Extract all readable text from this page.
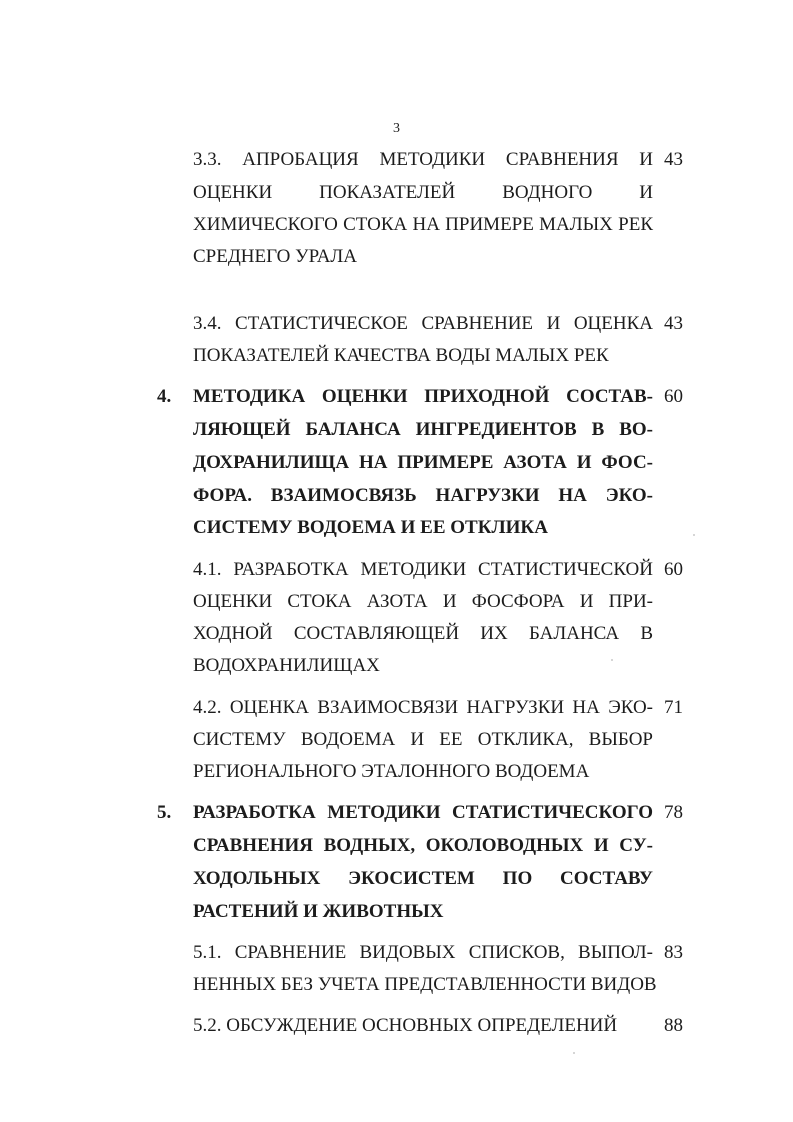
3
3.3. АПРОБАЦИЯ МЕТОДИКИ СРАВНЕНИЯ И
ОЦЕНКИ ПОКАЗАТЕЛЕЙ ВОДНОГО И
ХИМИЧЕСКОГО СТОКА НА ПРИМЕРЕ МАЛЫХ РЕК
СРЕДНЕГО УРАЛА
43
3.4. СТАТИСТИЧЕСКОЕ СРАВНЕНИЕ И ОЦЕНКА
ПОКАЗАТЕЛЕЙ КАЧЕСТВА ВОДЫ МАЛЫХ РЕК
43
4. МЕТОДИКА ОЦЕНКИ ПРИХОДНОЙ СОСТАВ-
ЛЯЮЩЕЙ БАЛАНСА ИНГРЕДИЕНТОВ В ВО-
ДОХРАНИЛИЩА НА ПРИМЕРЕ АЗОТА И ФОС-
ФОРА. ВЗАИМОСВЯЗЬ НАГРУЗКИ НА ЭКО-
СИСТЕМУ ВОДОЕМА И ЕЕ ОТКЛИКА
60
4.1. РАЗРАБОТКА МЕТОДИКИ СТАТИСТИЧЕСКОЙ
ОЦЕНКИ СТОКА АЗОТА И ФОСФОРА И ПРИ-
ХОДНОЙ СОСТАВЛЯЮЩЕЙ ИХ БАЛАНСА В
ВОДОХРАНИЛИЩАХ
60
4.2. ОЦЕНКА ВЗАИМОСВЯЗИ НАГРУЗКИ НА ЭКО-
СИСТЕМУ ВОДОЕМА И ЕЕ ОТКЛИКА, ВЫБОР
РЕГИОНАЛЬНОГО ЭТАЛОННОГО ВОДОЕМА
71
5. РАЗРАБОТКА МЕТОДИКИ СТАТИСТИЧЕСКОГО
СРАВНЕНИЯ ВОДНЫХ, ОКОЛОВОДНЫХ И СУ-
ХОДОЛЬНЫХ ЭКОСИСТЕМ ПО СОСТАВУ
РАСТЕНИЙ И ЖИВОТНЫХ
78
5.1. СРАВНЕНИЕ ВИДОВЫХ СПИСКОВ, ВЫПОЛ-
НЕННЫХ БЕЗ УЧЕТА ПРЕДСТАВЛЕННОСТИ ВИДОВ
83
5.2. ОБСУЖДЕНИЕ ОСНОВНЫХ ОПРЕДЕЛЕНИЙ	88
